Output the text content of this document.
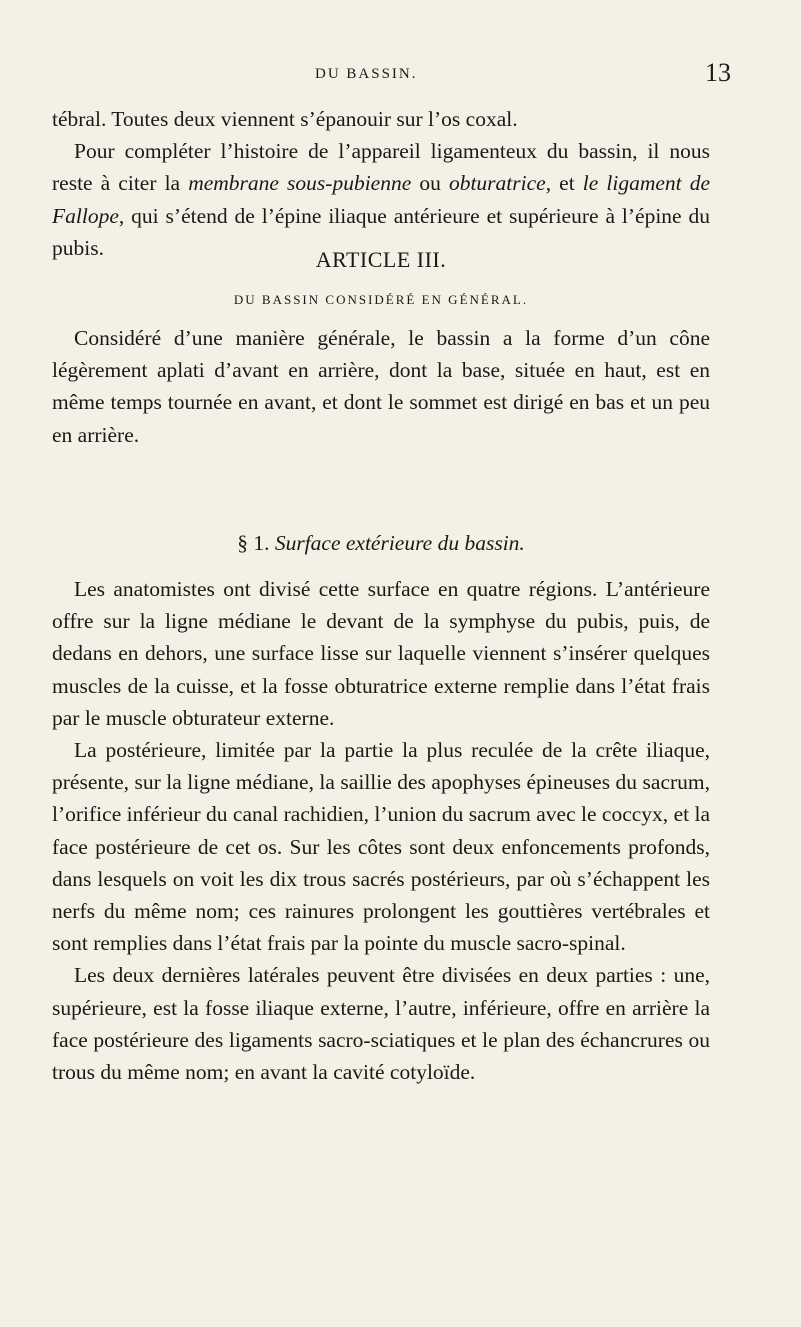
DU BASSIN.	13

tébral. Toutes deux viennent s’épanouir sur l’os coxal.

Pour compléter l’histoire de l’appareil ligamenteux du bassin, il nous reste à citer la membrane sous-pubienne ou obturatrice, et le ligament de Fallope, qui s’étend de l’épine iliaque antérieure et supérieure à l’épine du pubis.	ARTICLE III.
DU BASSIN CONSIDÉRÉ EN GÉNÉRAL.

Considéré d’une manière générale, le bassin a la forme d’un cône légèrement aplati d’avant en arrière, dont la base, située en haut, est en même temps tournée en avant, et dont le sommet est dirigé en bas et un peu en arrière.

§ 1. Surface extérieure du bassin.

Les anatomistes ont divisé cette surface en quatre régions. L’antérieure offre sur la ligne médiane le devant de la symphyse du pubis, puis, de dedans en dehors, une surface lisse sur laquelle viennent s’insérer quelques muscles de la cuisse, et la fosse obturatrice externe remplie dans l’état frais par le muscle obturateur externe.

La postérieure, limitée par la partie la plus reculée de la crête iliaque, présente, sur la ligne médiane, la saillie des apophyses épineuses du sacrum, l’orifice inférieur du canal rachidien, l’union du sacrum avec le coccyx, et la face postérieure de cet os. Sur les côtes sont deux enfoncements profonds, dans lesquels on voit les dix trous sacrés postérieurs, par où s’échappent les nerfs du même nom; ces rainures prolongent les gouttières vertébrales et sont remplies dans l’état frais par la pointe du muscle sacro-spinal.

Les deux dernières latérales peuvent être divisées en deux parties : une, supérieure, est la fosse iliaque externe, l’autre, inférieure, offre en arrière la face postérieure des ligaments sacro-sciatiques et le plan des échancrures ou trous du même nom; en avant la cavité cotyloïde.
